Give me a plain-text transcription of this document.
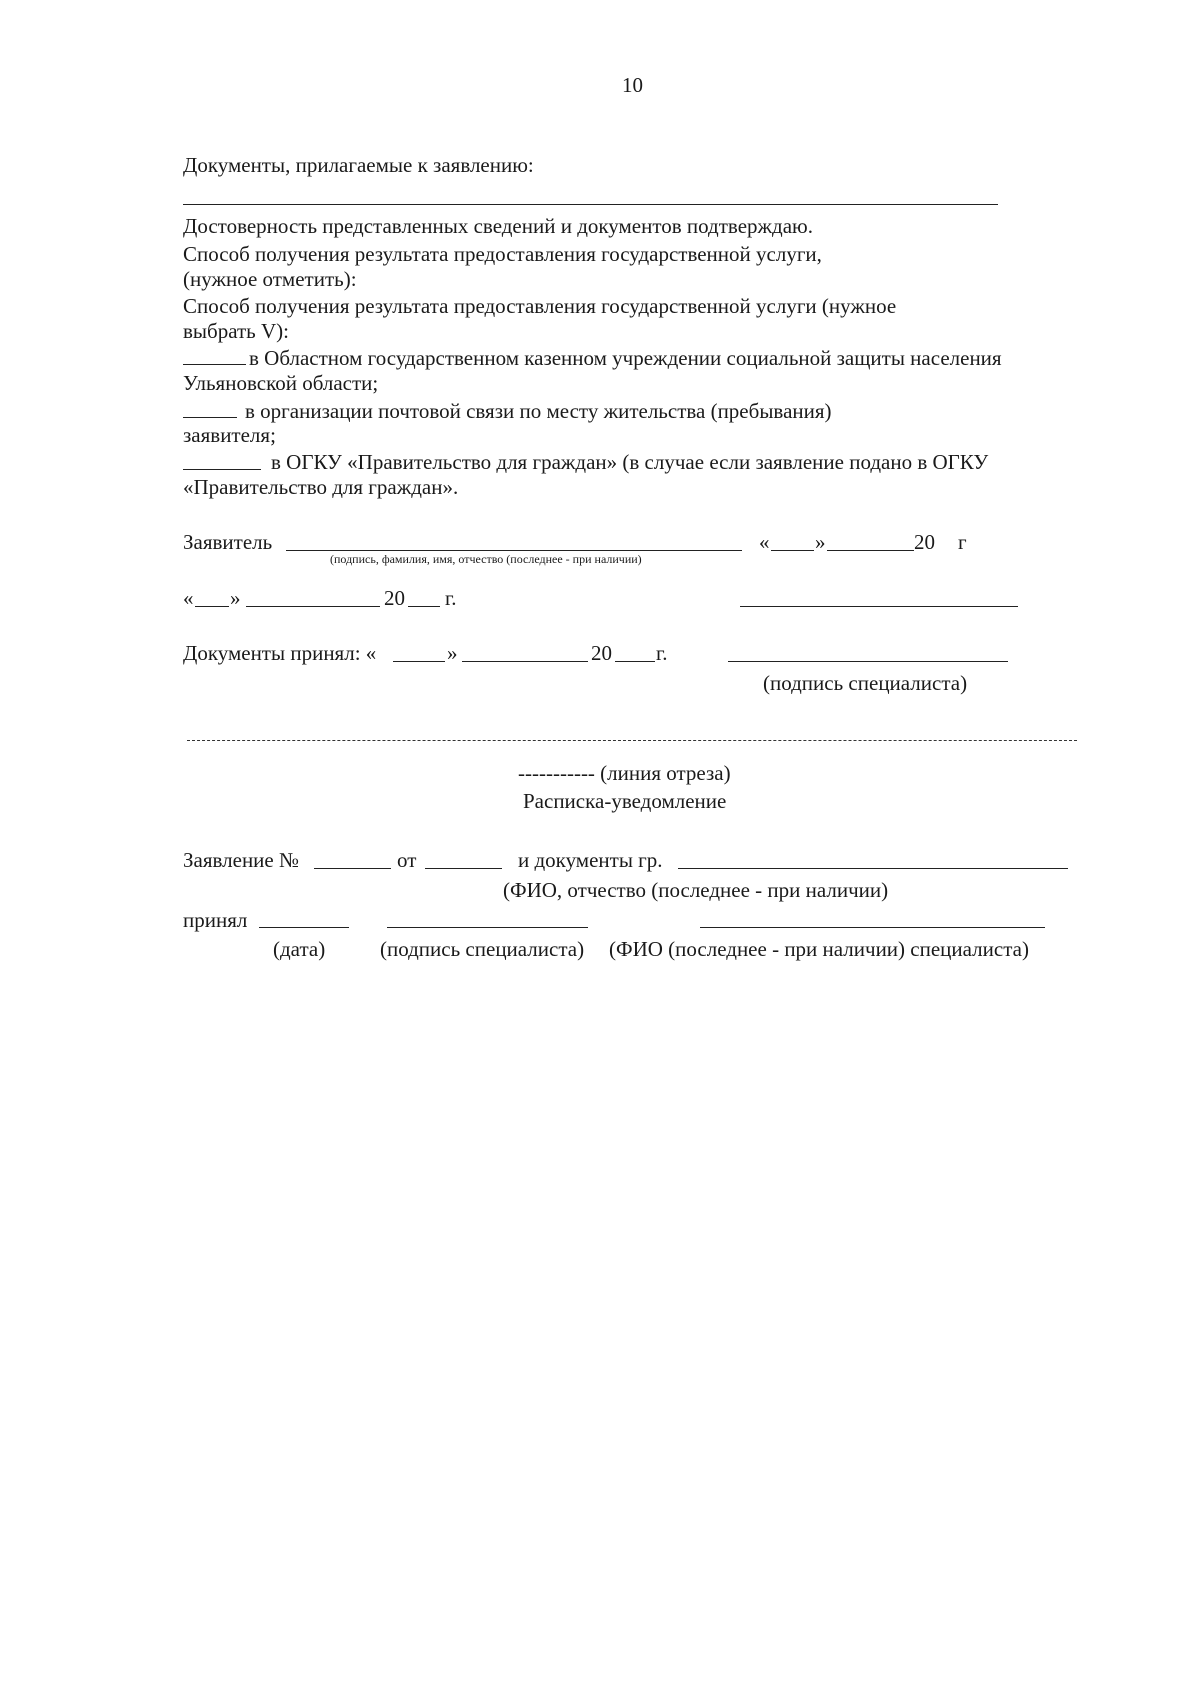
10
Документы, прилагаемые к заявлению:
Достоверность представленных сведений и документов подтверждаю.
Способ получения результата предоставления государственной услуги,
(нужное отметить):
Способ получения результата предоставления государственной услуги (нужное
выбрать V):
в Областном государственном казенном учреждении социальной защиты населения
Ульяновской области;
в организации почтовой связи по месту жительства (пребывания)
заявителя;
в ОГКУ «Правительство для граждан» (в случае если заявление подано в ОГКУ
«Правительство для граждан».
Заявитель
(подпись, фамилия, имя, отчество (последнее - при наличии)
« »	20 г
« »	20 г.
Документы принял: «	»	20 г.
(подпись специалиста)
----------- (линия отреза)
Расписка-уведомление
Заявление №	от	и документы гр.
(ФИО, отчество (последнее - при наличии)
принял
(дата)	(подпись специалиста) (ФИО (последнее - при наличии) специалиста)
